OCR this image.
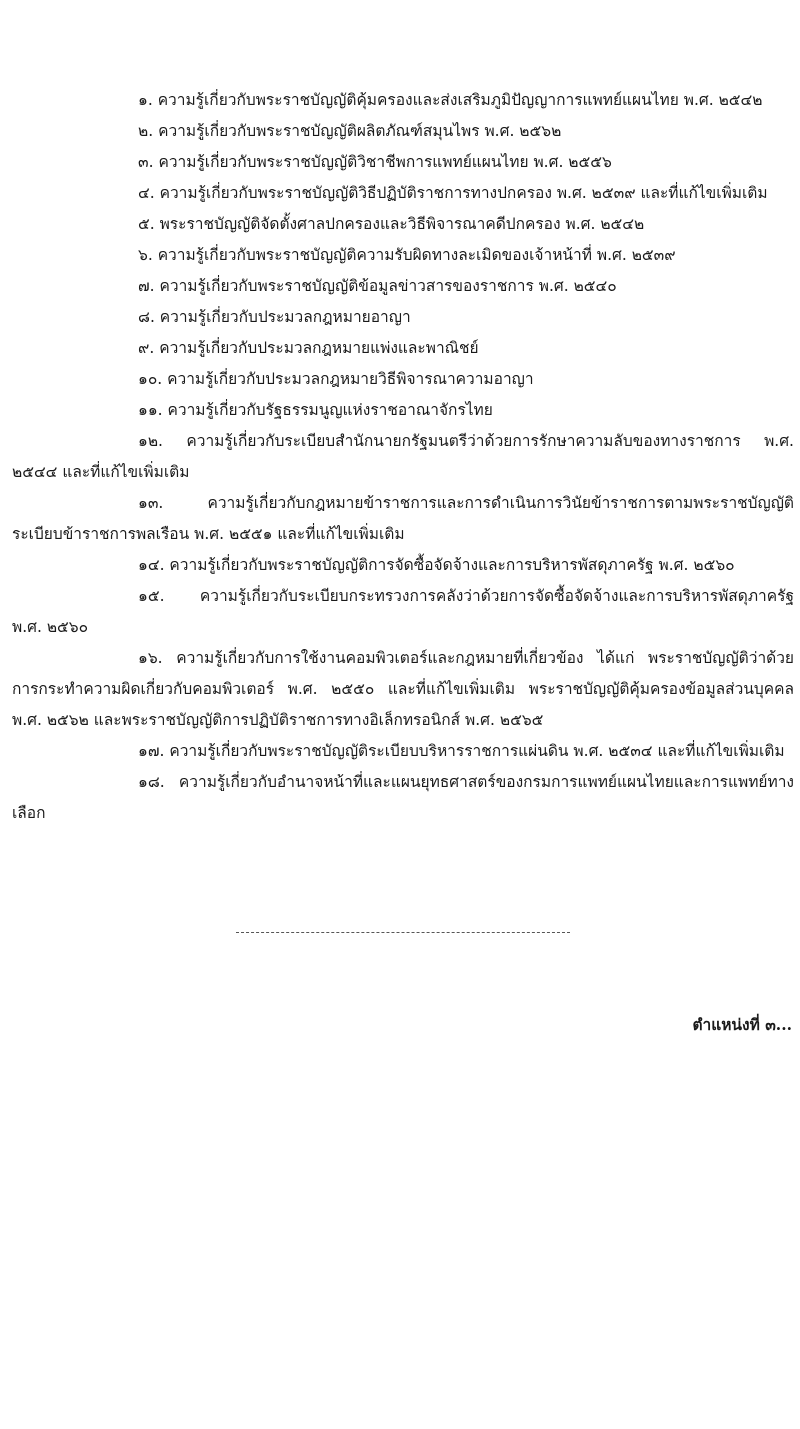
๑. ความรู้เกี่ยวกับพระราชบัญญัติคุ้มครองและส่งเสริมภูมิปัญญาการแพทย์แผนไทย พ.ศ. ๒๕๔๒

๒. ความรู้เกี่ยวกับพระราชบัญญัติผลิตภัณฑ์สมุนไพร พ.ศ. ๒๕๖๒

๓. ความรู้เกี่ยวกับพระราชบัญญัติวิชาชีพการแพทย์แผนไทย พ.ศ. ๒๕๕๖

๔. ความรู้เกี่ยวกับพระราชบัญญัติวิธีปฏิบัติราชการทางปกครอง พ.ศ. ๒๕๓๙ และที่แก้ไขเพิ่มเติม

๕. พระราชบัญญัติจัดตั้งศาลปกครองและวิธีพิจารณาคดีปกครอง พ.ศ. ๒๕๔๒

๖. ความรู้เกี่ยวกับพระราชบัญญัติความรับผิดทางละเมิดของเจ้าหน้าที่ พ.ศ. ๒๕๓๙

๗. ความรู้เกี่ยวกับพระราชบัญญัติข้อมูลข่าวสารของราชการ พ.ศ. ๒๕๔๐

๘. ความรู้เกี่ยวกับประมวลกฎหมายอาญา

๙. ความรู้เกี่ยวกับประมวลกฎหมายแพ่งและพาณิชย์

๑๐. ความรู้เกี่ยวกับประมวลกฎหมายวิธีพิจารณาความอาญา

๑๑. ความรู้เกี่ยวกับรัฐธรรมนูญแห่งราชอาณาจักรไทย

๑๒. ความรู้เกี่ยวกับระเบียบสำนักนายกรัฐมนตรีว่าด้วยการรักษาความลับของทางราชการ พ.ศ. ๒๕๔๔ และที่แก้ไขเพิ่มเติม

๑๓. ความรู้เกี่ยวกับกฎหมายข้าราชการและการดำเนินการวินัยข้าราชการตามพระราชบัญญัติระเบียบข้าราชการพลเรือน พ.ศ. ๒๕๕๑ และที่แก้ไขเพิ่มเติม

๑๔. ความรู้เกี่ยวกับพระราชบัญญัติการจัดซื้อจัดจ้างและการบริหารพัสดุภาครัฐ พ.ศ. ๒๕๖๐

๑๕. ความรู้เกี่ยวกับระเบียบกระทรวงการคลังว่าด้วยการจัดซื้อจัดจ้างและการบริหารพัสดุภาครัฐ พ.ศ. ๒๕๖๐

๑๖. ความรู้เกี่ยวกับการใช้งานคอมพิวเตอร์และกฎหมายที่เกี่ยวข้อง ได้แก่ พระราชบัญญัติว่าด้วยการกระทำความผิดเกี่ยวกับคอมพิวเตอร์ พ.ศ. ๒๕๕๐ และที่แก้ไขเพิ่มเติม พระราชบัญญัติคุ้มครองข้อมูลส่วนบุคคล พ.ศ. ๒๕๖๒ และพระราชบัญญัติการปฏิบัติราชการทางอิเล็กทรอนิกส์ พ.ศ. ๒๕๖๕

๑๗. ความรู้เกี่ยวกับพระราชบัญญัติระเบียบบริหารราชการแผ่นดิน พ.ศ. ๒๕๓๔ และที่แก้ไขเพิ่มเติม

๑๘. ความรู้เกี่ยวกับอำนาจหน้าที่และแผนยุทธศาสตร์ของกรมการแพทย์แผนไทยและการแพทย์ทางเลือก

ตำแหน่งที่ ๓...
